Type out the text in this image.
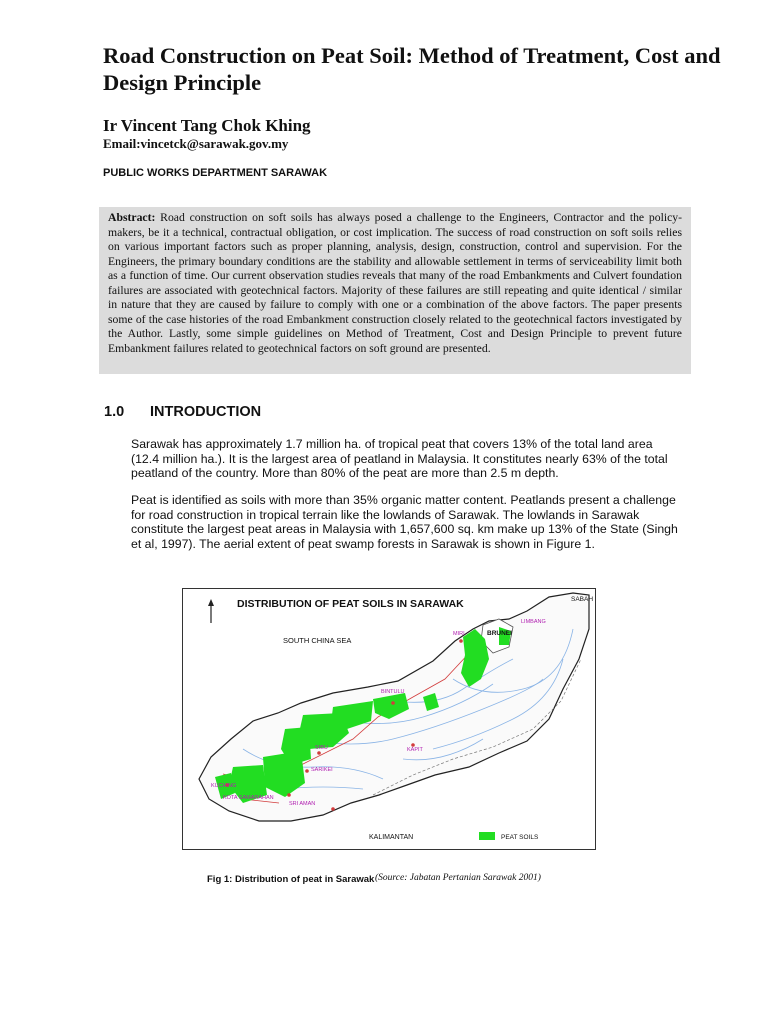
Road Construction on Peat Soil: Method of Treatment, Cost and Design Principle
Ir Vincent Tang Chok Khing
Email:vincetck@sarawak.gov.my
PUBLIC WORKS DEPARTMENT SARAWAK
Abstract: Road construction on soft soils has always posed a challenge to the Engineers, Contractor and the policy-makers, be it a technical, contractual obligation, or cost implication. The success of road construction on soft soils relies on various important factors such as proper planning, analysis, design, construction, control and supervision. For the Engineers, the primary boundary conditions are the stability and allowable settlement in terms of serviceability limit both as a function of time. Our current observation studies reveals that many of the road Embankments and Culvert foundation failures are associated with geotechnical factors. Majority of these failures are still repeating and quite identical / similar in nature that they are caused by failure to comply with one or a combination of the above factors. The paper presents some of the case histories of the road Embankment construction closely related to the geotechnical factors investigated by the Author. Lastly, some simple guidelines on Method of Treatment, Cost and Design Principle to prevent future Embankment failures related to geotechnical factors on soft ground are presented.
1.0 INTRODUCTION

Sarawak has approximately 1.7 million ha. of tropical peat that covers 13% of the total land area (12.4 million ha.). It is the largest area of peatland in Malaysia. It constitutes nearly 63% of the total peatland of the country. More than 80% of the peat are more than 2.5 m depth.

Peat is identified as soils with more than 35% organic matter content. Peatlands present a challenge for road construction in tropical terrain like the lowlands of Sarawak. The lowlands in Sarawak constitute the largest peat areas in Malaysia with 1,657,600 sq. km make up 13% of the State (Singh et al, 1997). The aerial extent of peat swamp forests in Sarawak is shown in Figure 1.

DISTRIBUTION OF PEAT SOILS IN SARAWAK
SOUTH CHINA SEA
SABAH
BRUNEI
LIMBANG
MIRI
BINTULU
SIBU
SARIKEI
KAPIT
KUCHING
KOTA SAMARAHAN
SRI AMAN
KALIMANTAN	PEAT SOILS
Fig 1: Distribution of peat in Sarawak (Source: Jabatan Pertanian Sarawak 2001)
